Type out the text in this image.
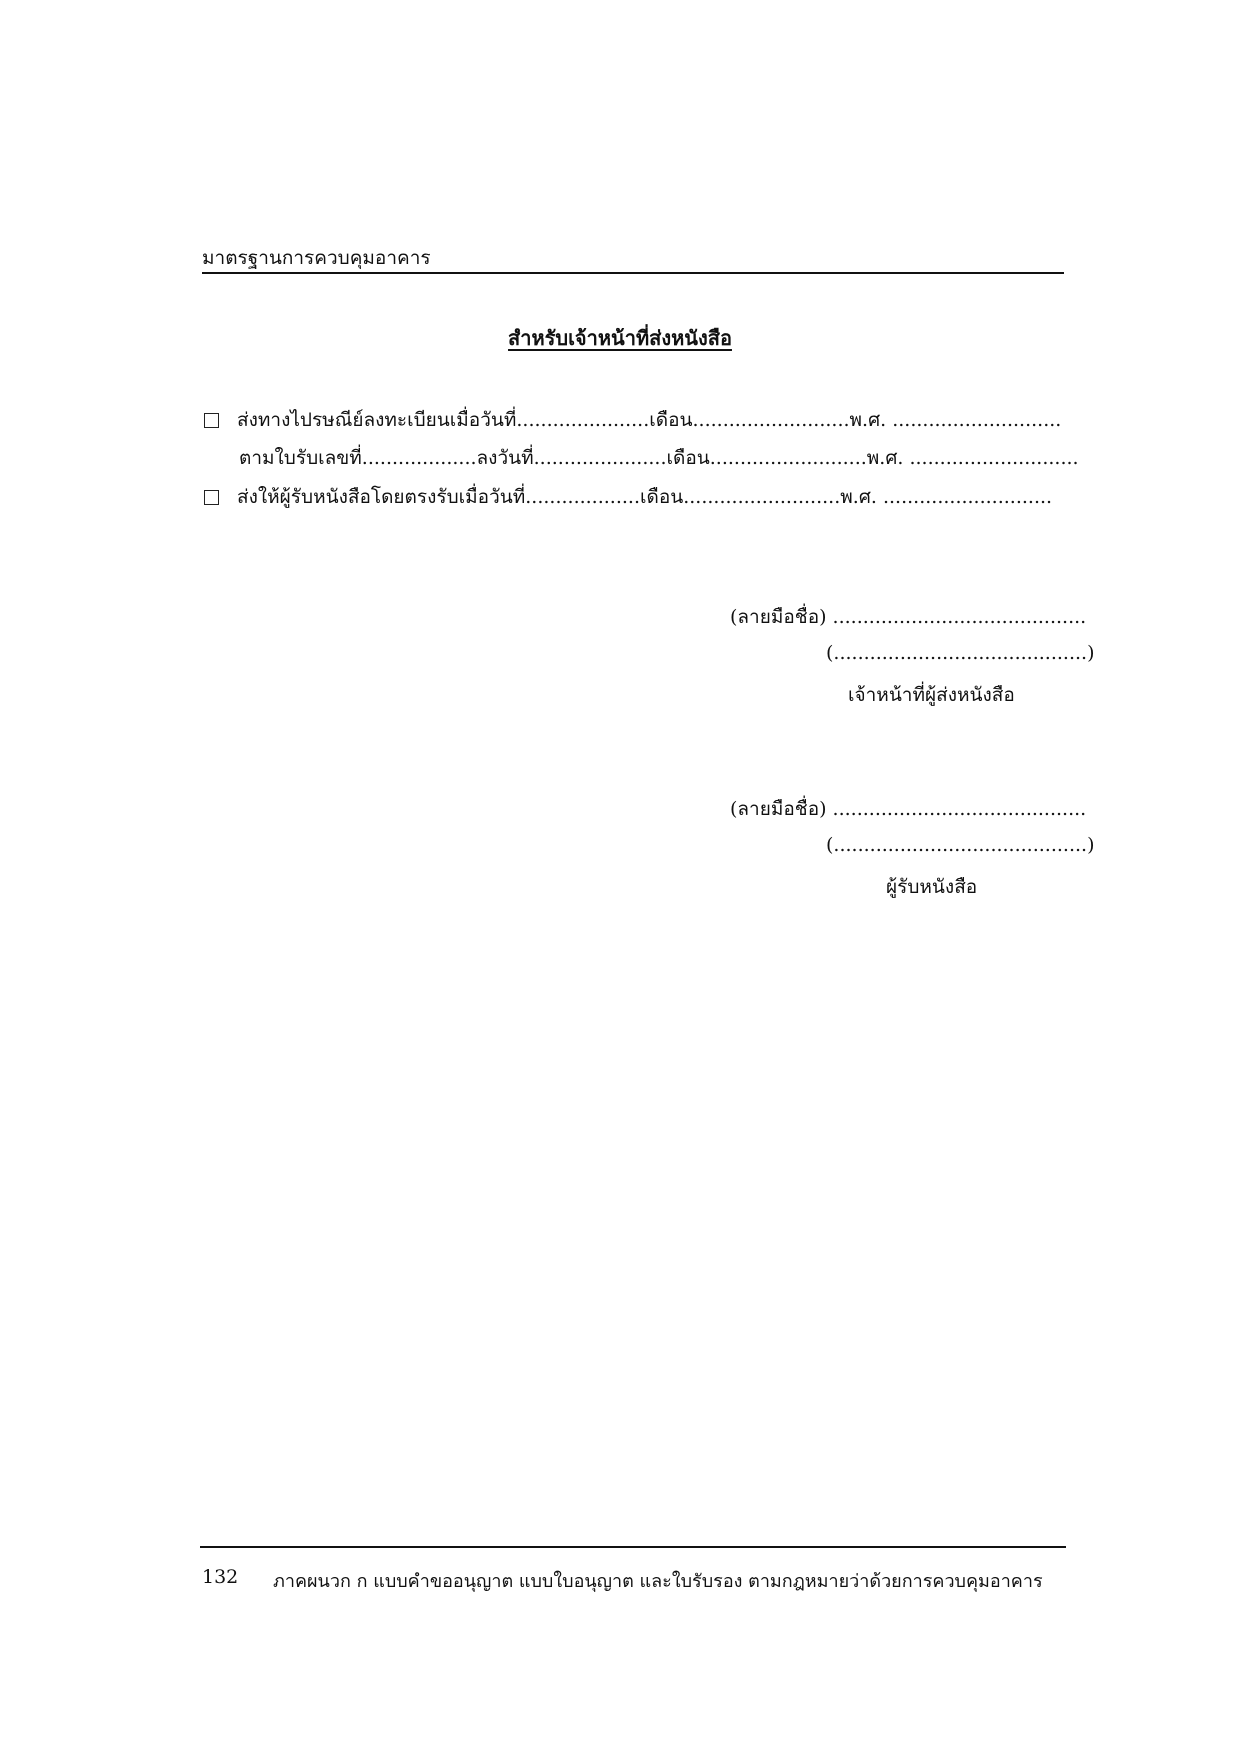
มาตรฐานการควบคุมอาคาร
สำหรับเจ้าหน้าที่ส่งหนังสือ
ส่งทางไปรษณีย์ลงทะเบียนเมื่อวันที่......................เดือน..........................พ.ศ. ............................
ตามใบรับเลขที่...................ลงวันที่......................เดือน..........................พ.ศ. ............................
ส่งให้ผู้รับหนังสือโดยตรงรับเมื่อวันที่...................เดือน..........................พ.ศ. ............................
(ลายมือชื่อ) ..........................................
(..........................................)
เจ้าหน้าที่ผู้ส่งหนังสือ
(ลายมือชื่อ) ..........................................
(..........................................)
ผู้รับหนังสือ
132 ภาคผนวก ก แบบคำขออนุญาต แบบใบอนุญาต และใบรับรอง ตามกฎหมายว่าด้วยการควบคุมอาคาร
